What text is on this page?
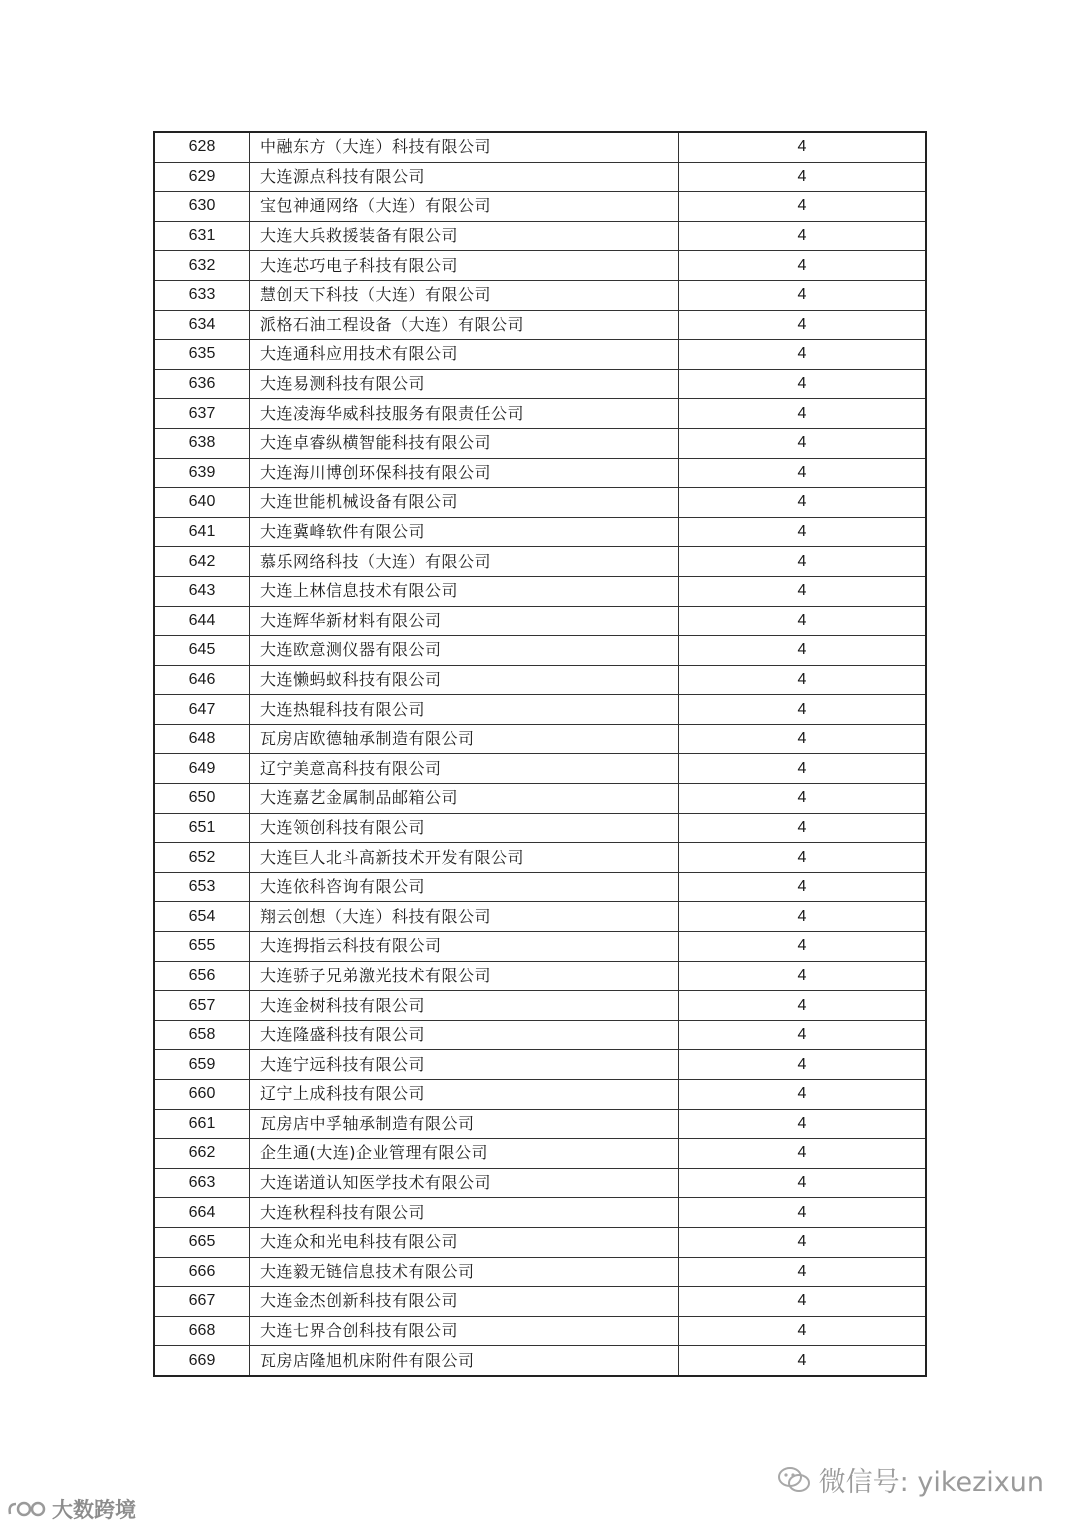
628	中融东方（大连）科技有限公司	4
629	大连源点科技有限公司	4
630	宝包神通网络（大连）有限公司	4
631	大连大兵救援装备有限公司	4
632	大连芯巧电子科技有限公司	4
633	慧创天下科技（大连）有限公司	4
634	派格石油工程设备（大连）有限公司	4
635	大连通科应用技术有限公司	4
636	大连易测科技有限公司	4
637	大连凌海华威科技服务有限责任公司	4
638	大连卓睿纵横智能科技有限公司	4
639	大连海川博创环保科技有限公司	4
640	大连世能机械设备有限公司	4
641	大连冀峰软件有限公司	4
642	慕乐网络科技（大连）有限公司	4
643	大连上林信息技术有限公司	4
644	大连辉华新材料有限公司	4
645	大连欧意测仪器有限公司	4
646	大连懒蚂蚁科技有限公司	4
647	大连热辊科技有限公司	4
648	瓦房店欧德轴承制造有限公司	4
649	辽宁美意高科技有限公司	4
650	大连嘉艺金属制品邮箱公司	4
651	大连领创科技有限公司	4
652	大连巨人北斗高新技术开发有限公司	4
653	大连依科咨询有限公司	4
654	翔云创想（大连）科技有限公司	4
655	大连拇指云科技有限公司	4
656	大连骄子兄弟激光技术有限公司	4
657	大连金树科技有限公司	4
658	大连隆盛科技有限公司	4
659	大连宁远科技有限公司	4
660	辽宁上成科技有限公司	4
661	瓦房店中孚轴承制造有限公司	4
662	企生通(大连)企业管理有限公司	4
663	大连诺道认知医学技术有限公司	4
664	大连秋程科技有限公司	4
665	大连众和光电科技有限公司	4
666	大连毅无链信息技术有限公司	4
667	大连金杰创新科技有限公司	4
668	大连七界合创科技有限公司	4
669	瓦房店隆旭机床附件有限公司	4
微信号: yikezixun
大数跨境
